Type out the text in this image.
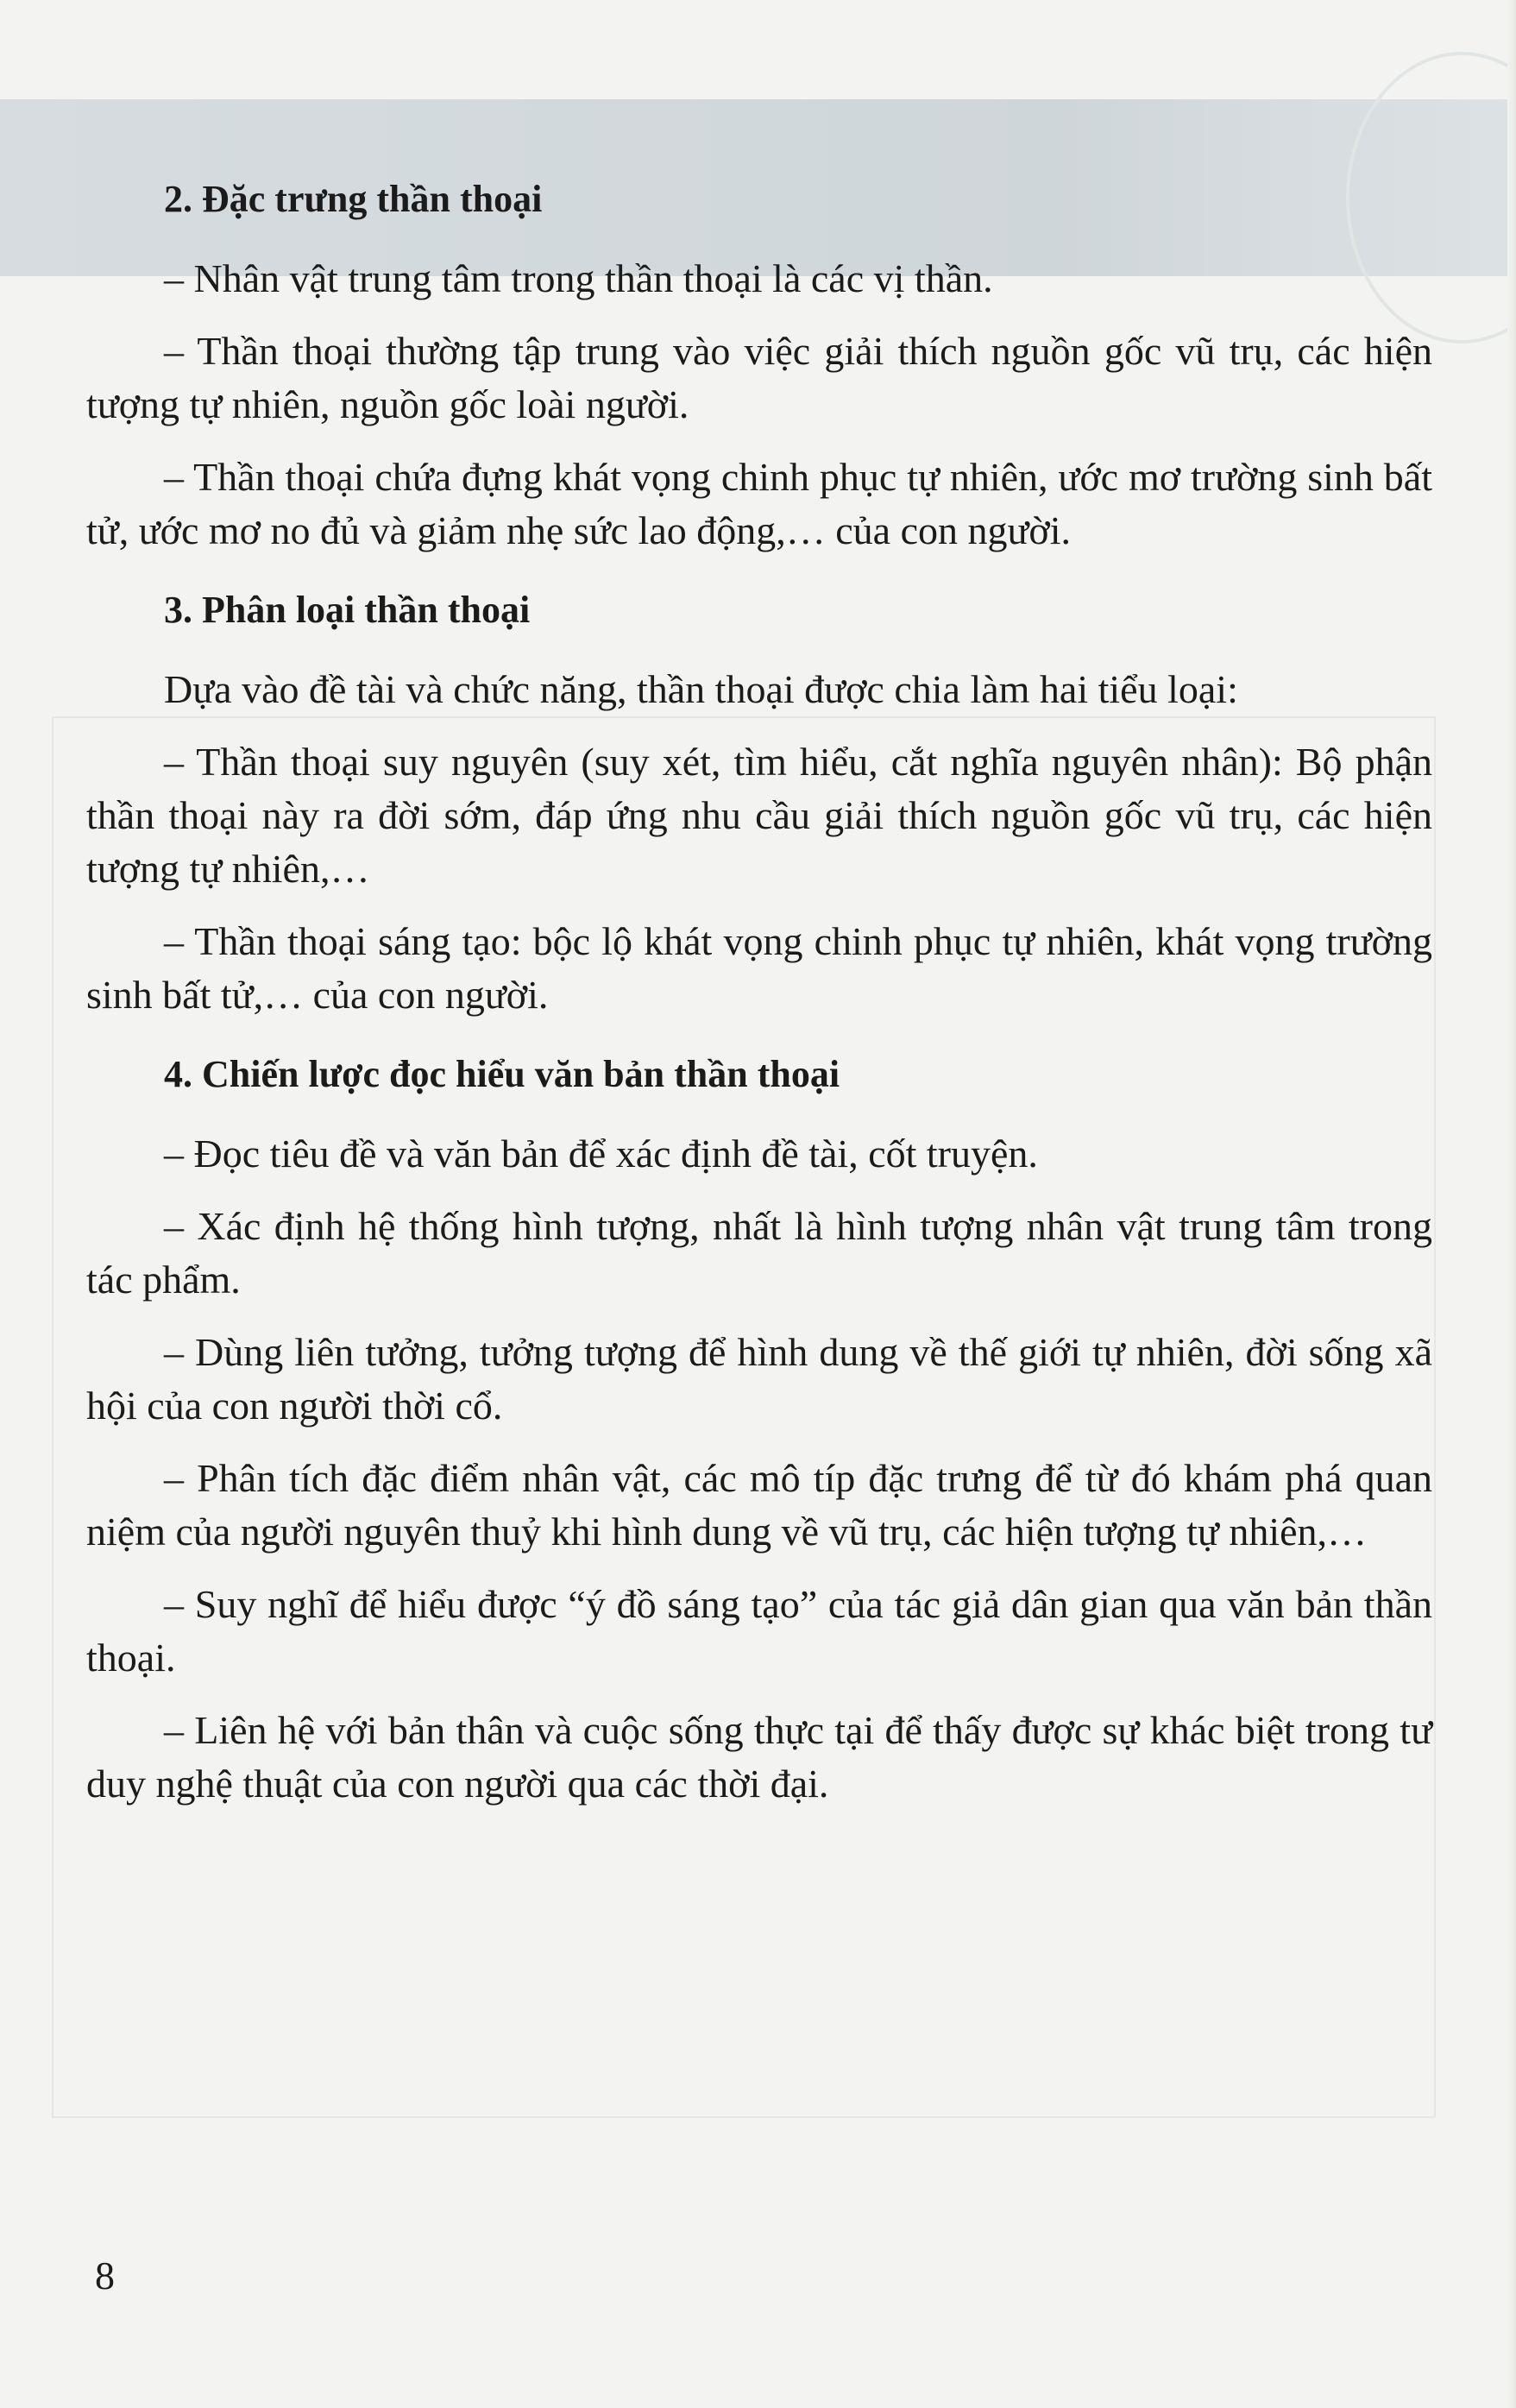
2. Đặc trưng thần thoại

– Nhân vật trung tâm trong thần thoại là các vị thần.

– Thần thoại thường tập trung vào việc giải thích nguồn gốc vũ trụ, các hiện tượng tự nhiên, nguồn gốc loài người.

– Thần thoại chứa đựng khát vọng chinh phục tự nhiên, ước mơ trường sinh bất tử, ước mơ no đủ và giảm nhẹ sức lao động,… của con người.

3. Phân loại thần thoại

Dựa vào đề tài và chức năng, thần thoại được chia làm hai tiểu loại:

– Thần thoại suy nguyên (suy xét, tìm hiểu, cắt nghĩa nguyên nhân): Bộ phận thần thoại này ra đời sớm, đáp ứng nhu cầu giải thích nguồn gốc vũ trụ, các hiện tượng tự nhiên,…

– Thần thoại sáng tạo: bộc lộ khát vọng chinh phục tự nhiên, khát vọng trường sinh bất tử,… của con người.

4. Chiến lược đọc hiểu văn bản thần thoại

– Đọc tiêu đề và văn bản để xác định đề tài, cốt truyện.

– Xác định hệ thống hình tượng, nhất là hình tượng nhân vật trung tâm trong tác phẩm.

– Dùng liên tưởng, tưởng tượng để hình dung về thế giới tự nhiên, đời sống xã hội của con người thời cổ.

– Phân tích đặc điểm nhân vật, các mô típ đặc trưng để từ đó khám phá quan niệm của người nguyên thuỷ khi hình dung về vũ trụ, các hiện tượng tự nhiên,…

– Suy nghĩ để hiểu được “ý đồ sáng tạo” của tác giả dân gian qua văn bản thần thoại.

– Liên hệ với bản thân và cuộc sống thực tại để thấy được sự khác biệt trong tư duy nghệ thuật của con người qua các thời đại.

8
